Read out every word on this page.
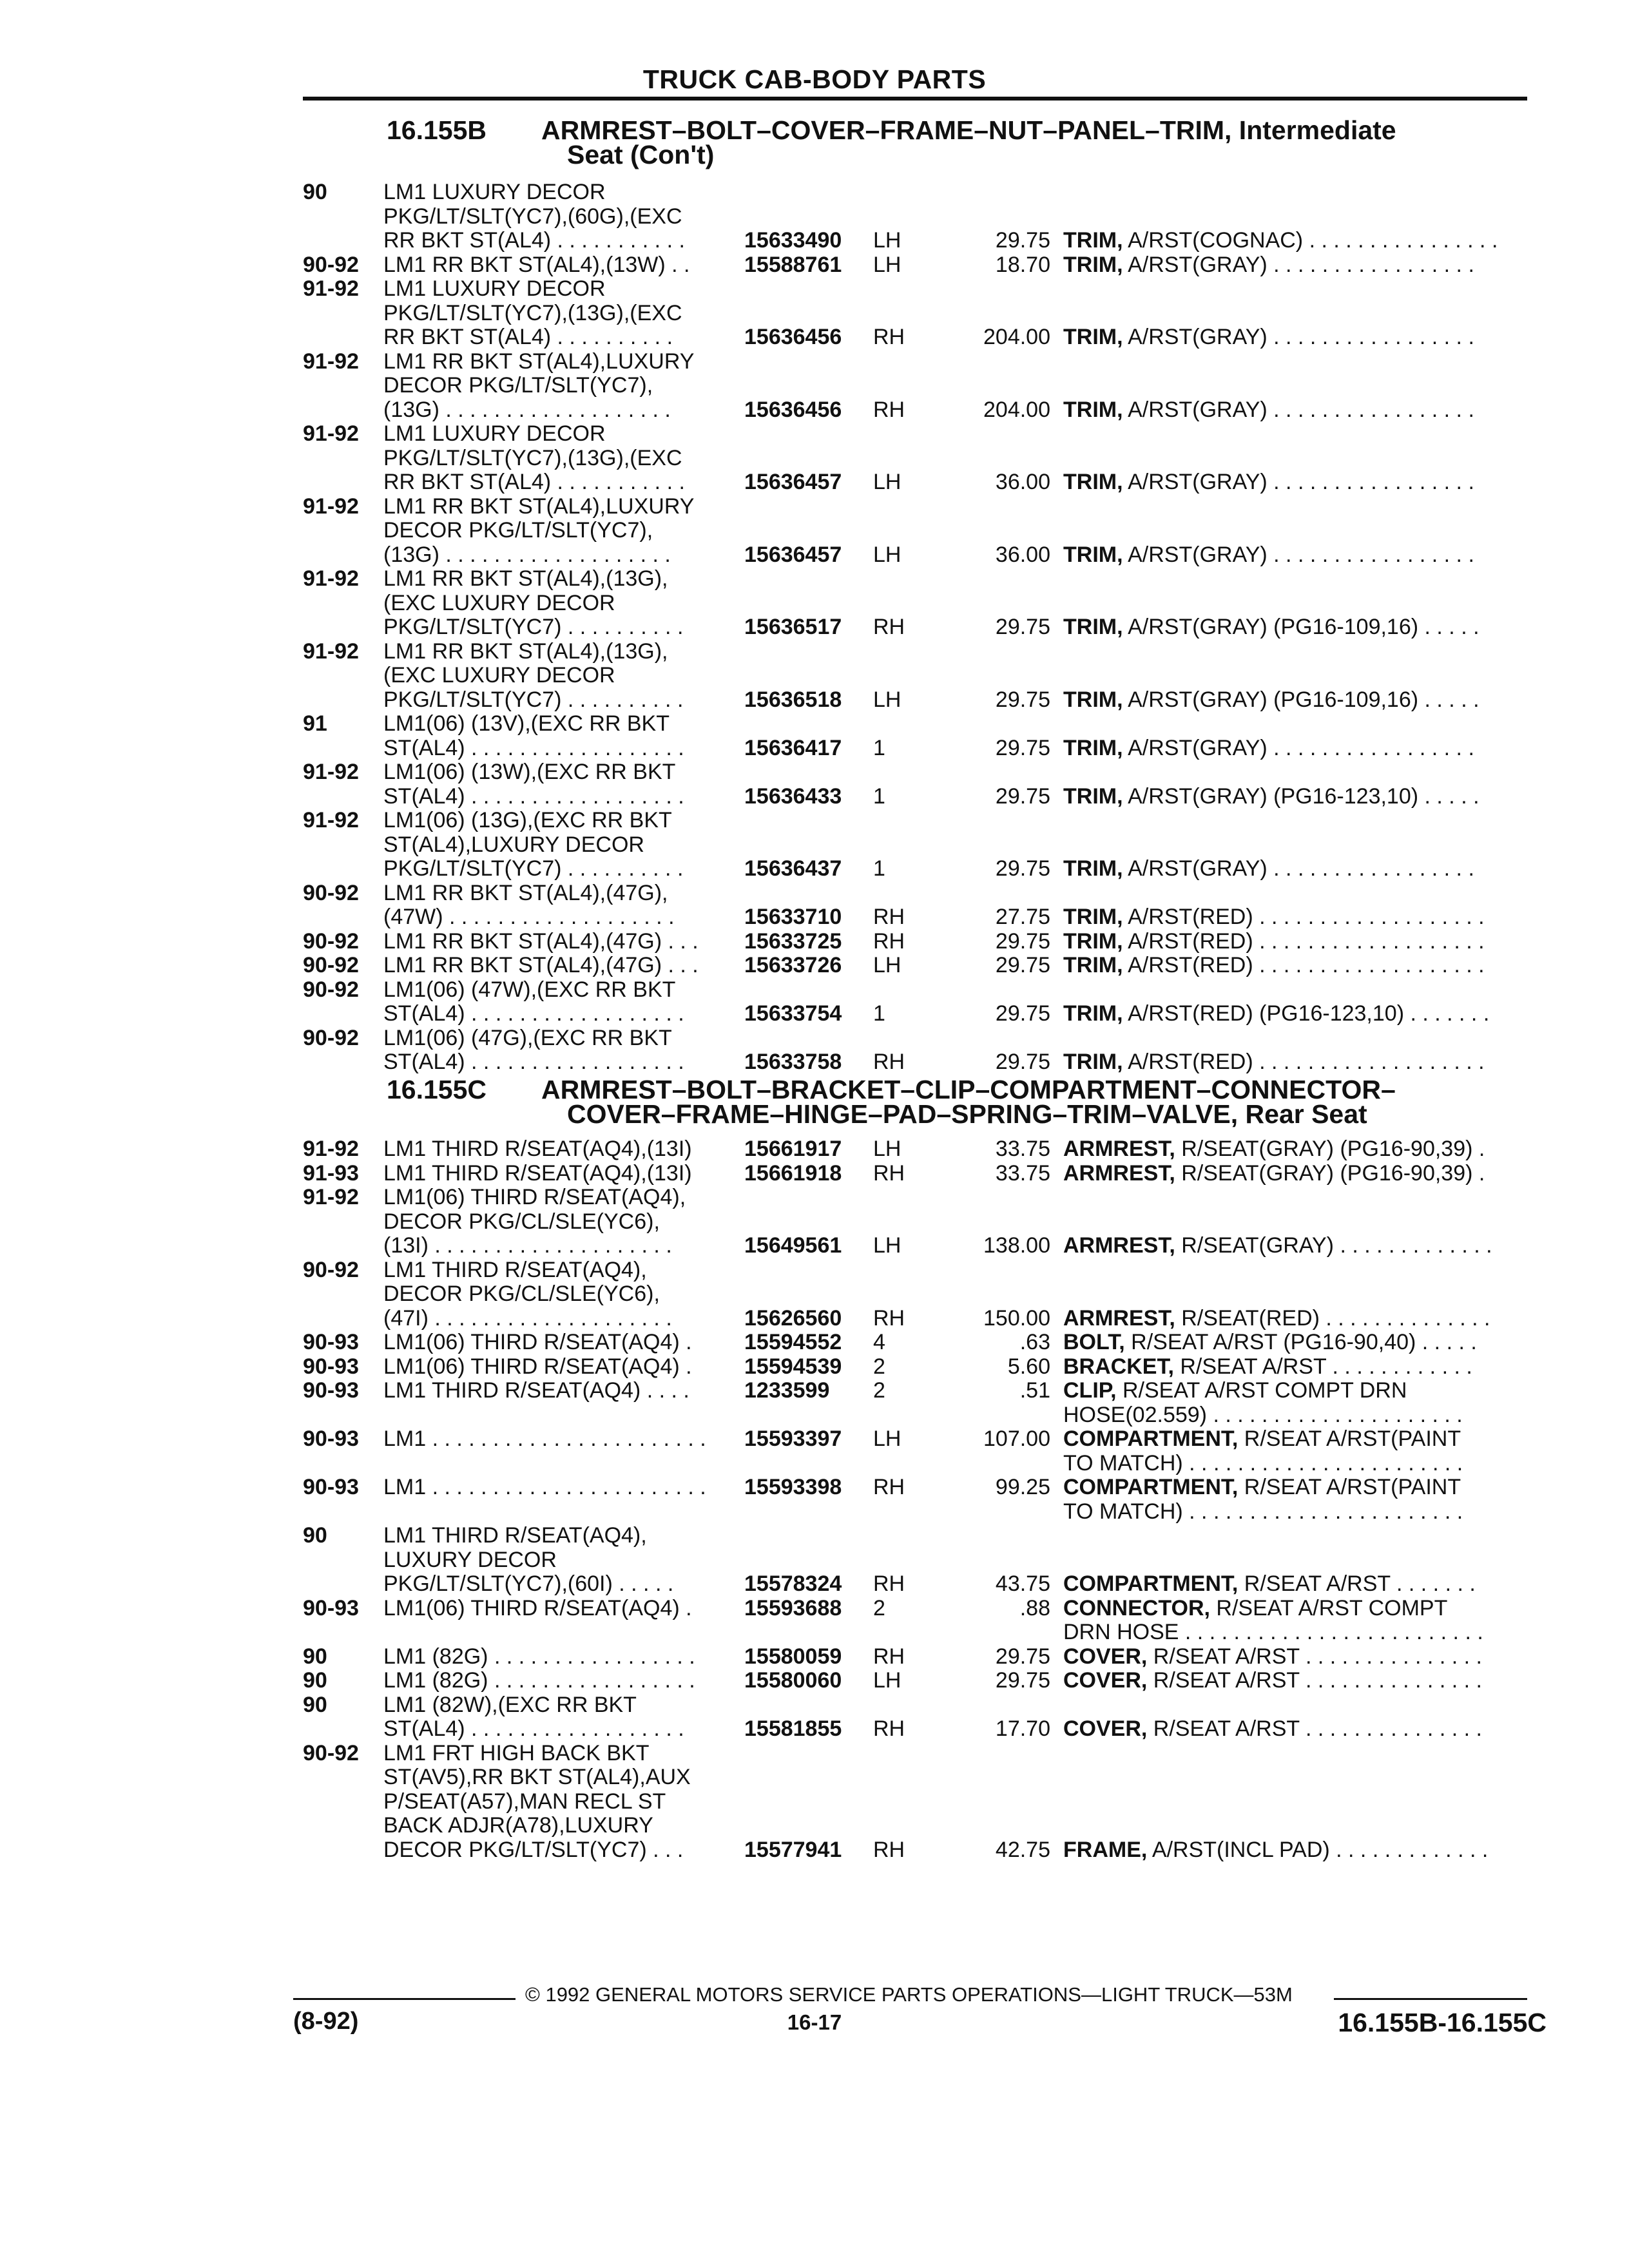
TRUCK CAB-BODY PARTS
16.155B	ARMREST–BOLT–COVER–FRAME–NUT–PANEL–TRIM, Intermediate
Seat (Con't)
90	LM1 LUXURY DECOR
PKG/LT/SLT(YC7),(60G),(EXC
RR BKT ST(AL4) . . . . . . . . . . .	15633490 LH	29.75 TRIM, A/RST(COGNAC) . . . . . . . . . . . . . . . .
90-92 LM1 RR BKT ST(AL4),(13W) . . 15588761 LH	18.70 TRIM, A/RST(GRAY) . . . . . . . . . . . . . . . . .
91-92 LM1 LUXURY DECOR
PKG/LT/SLT(YC7),(13G),(EXC
RR BKT ST(AL4) . . . . . . . . . .	15636456 RH	204.00 TRIM, A/RST(GRAY) . . . . . . . . . . . . . . . . .
91-92 LM1 RR BKT ST(AL4),LUXURY
DECOR PKG/LT/SLT(YC7),
(13G) . . . . . . . . . . . . . . . . . . .	15636456 RH	204.00 TRIM, A/RST(GRAY) . . . . . . . . . . . . . . . . .
91-92 LM1 LUXURY DECOR
PKG/LT/SLT(YC7),(13G),(EXC
RR BKT ST(AL4) . . . . . . . . . . .	15636457 LH	36.00 TRIM, A/RST(GRAY) . . . . . . . . . . . . . . . . .
91-92 LM1 RR BKT ST(AL4),LUXURY
DECOR PKG/LT/SLT(YC7),
(13G) . . . . . . . . . . . . . . . . . . .	15636457 LH	36.00 TRIM, A/RST(GRAY) . . . . . . . . . . . . . . . . .
91-92 LM1 RR BKT ST(AL4),(13G),
(EXC LUXURY DECOR
PKG/LT/SLT(YC7) . . . . . . . . . .	15636517 RH	29.75 TRIM, A/RST(GRAY) (PG16-109,16) . . . . .
91-92 LM1 RR BKT ST(AL4),(13G),
(EXC LUXURY DECOR
PKG/LT/SLT(YC7) . . . . . . . . . .	15636518 LH	29.75 TRIM, A/RST(GRAY) (PG16-109,16) . . . . .
91	LM1(06) (13V),(EXC RR BKT
ST(AL4) . . . . . . . . . . . . . . . . . .	15636417 1	29.75 TRIM, A/RST(GRAY) . . . . . . . . . . . . . . . . .
91-92 LM1(06) (13W),(EXC RR BKT
ST(AL4) . . . . . . . . . . . . . . . . . .	15636433 1	29.75 TRIM, A/RST(GRAY) (PG16-123,10) . . . . .
91-92 LM1(06) (13G),(EXC RR BKT
ST(AL4),LUXURY DECOR
PKG/LT/SLT(YC7) . . . . . . . . . .	15636437 1	29.75 TRIM, A/RST(GRAY) . . . . . . . . . . . . . . . . .
90-92 LM1 RR BKT ST(AL4),(47G),
(47W) . . . . . . . . . . . . . . . . . . .	15633710 RH	27.75 TRIM, A/RST(RED) . . . . . . . . . . . . . . . . . . .
90-92 LM1 RR BKT ST(AL4),(47G) . . . 15633725 RH	29.75 TRIM, A/RST(RED) . . . . . . . . . . . . . . . . . . .
90-92 LM1 RR BKT ST(AL4),(47G) . . . 15633726 LH	29.75 TRIM, A/RST(RED) . . . . . . . . . . . . . . . . . . .
90-92 LM1(06) (47W),(EXC RR BKT
ST(AL4) . . . . . . . . . . . . . . . . . .	15633754 1	29.75 TRIM, A/RST(RED) (PG16-123,10) . . . . . . .
90-92 LM1(06) (47G),(EXC RR BKT
ST(AL4) . . . . . . . . . . . . . . . . . .	15633758 RH	29.75 TRIM, A/RST(RED) . . . . . . . . . . . . . . . . . . .
16.155C	ARMREST–BOLT–BRACKET–CLIP–COMPARTMENT–CONNECTOR–
COVER–FRAME–HINGE–PAD–SPRING–TRIM–VALVE, Rear Seat
91-92 LM1 THIRD R/SEAT(AQ4),(13I) 15661917 LH	33.75 ARMREST, R/SEAT(GRAY) (PG16-90,39) .
91-93 LM1 THIRD R/SEAT(AQ4),(13I) 15661918 RH	33.75 ARMREST, R/SEAT(GRAY) (PG16-90,39) .
91-92 LM1(06) THIRD R/SEAT(AQ4),
DECOR PKG/CL/SLE(YC6),
(13I) . . . . . . . . . . . . . . . . . . . .	15649561 LH	138.00 ARMREST, R/SEAT(GRAY) . . . . . . . . . . . . .
90-92 LM1 THIRD R/SEAT(AQ4),
DECOR PKG/CL/SLE(YC6),
(47I) . . . . . . . . . . . . . . . . . . . .	15626560 RH	150.00 ARMREST, R/SEAT(RED) . . . . . . . . . . . . . .
90-93 LM1(06) THIRD R/SEAT(AQ4) . 15594552 4	.63 BOLT, R/SEAT A/RST (PG16-90,40) . . . . .
90-93 LM1(06) THIRD R/SEAT(AQ4) . 15594539 2	5.60 BRACKET, R/SEAT A/RST . . . . . . . . . . . .
90-93 LM1 THIRD R/SEAT(AQ4) . . . .	1233599 2	.51 CLIP, R/SEAT A/RST COMPT DRN
HOSE(02.559) . . . . . . . . . . . . . . . . . . . . .
90-93 LM1 . . . . . . . . . . . . . . . . . . . . . . . 15593397 LH	107.00 COMPARTMENT, R/SEAT A/RST(PAINT
TO MATCH) . . . . . . . . . . . . . . . . . . . . . . .
90-93 LM1 . . . . . . . . . . . . . . . . . . . . . . . 15593398 RH	99.25 COMPARTMENT, R/SEAT A/RST(PAINT
TO MATCH) . . . . . . . . . . . . . . . . . . . . . . .
90	LM1 THIRD R/SEAT(AQ4),
LUXURY DECOR
PKG/LT/SLT(YC7),(60I) . . . . .	15578324 RH	43.75 COMPARTMENT, R/SEAT A/RST . . . . . . .
90-93 LM1(06) THIRD R/SEAT(AQ4) . 15593688 2	.88 CONNECTOR, R/SEAT A/RST COMPT
DRN HOSE . . . . . . . . . . . . . . . . . . . . . . . . .
90	LM1 (82G) . . . . . . . . . . . . . . . . . 15580059 RH	29.75 COVER, R/SEAT A/RST . . . . . . . . . . . . . . .
90	LM1 (82G) . . . . . . . . . . . . . . . . . 15580060 LH	29.75 COVER, R/SEAT A/RST . . . . . . . . . . . . . . .
90	LM1 (82W),(EXC RR BKT
ST(AL4) . . . . . . . . . . . . . . . . . .	15581855 RH	17.70 COVER, R/SEAT A/RST . . . . . . . . . . . . . . .
90-92 LM1 FRT HIGH BACK BKT
ST(AV5),RR BKT ST(AL4),AUX
P/SEAT(A57),MAN RECL ST
BACK ADJR(A78),LUXURY
DECOR PKG/LT/SLT(YC7) . . .	15577941 RH	42.75 FRAME, A/RST(INCL PAD) . . . . . . . . . . . . .
© 1992 GENERAL MOTORS SERVICE PARTS OPERATIONS—LIGHT TRUCK—53M
(8-92)	16-17	16.155B-16.155C
